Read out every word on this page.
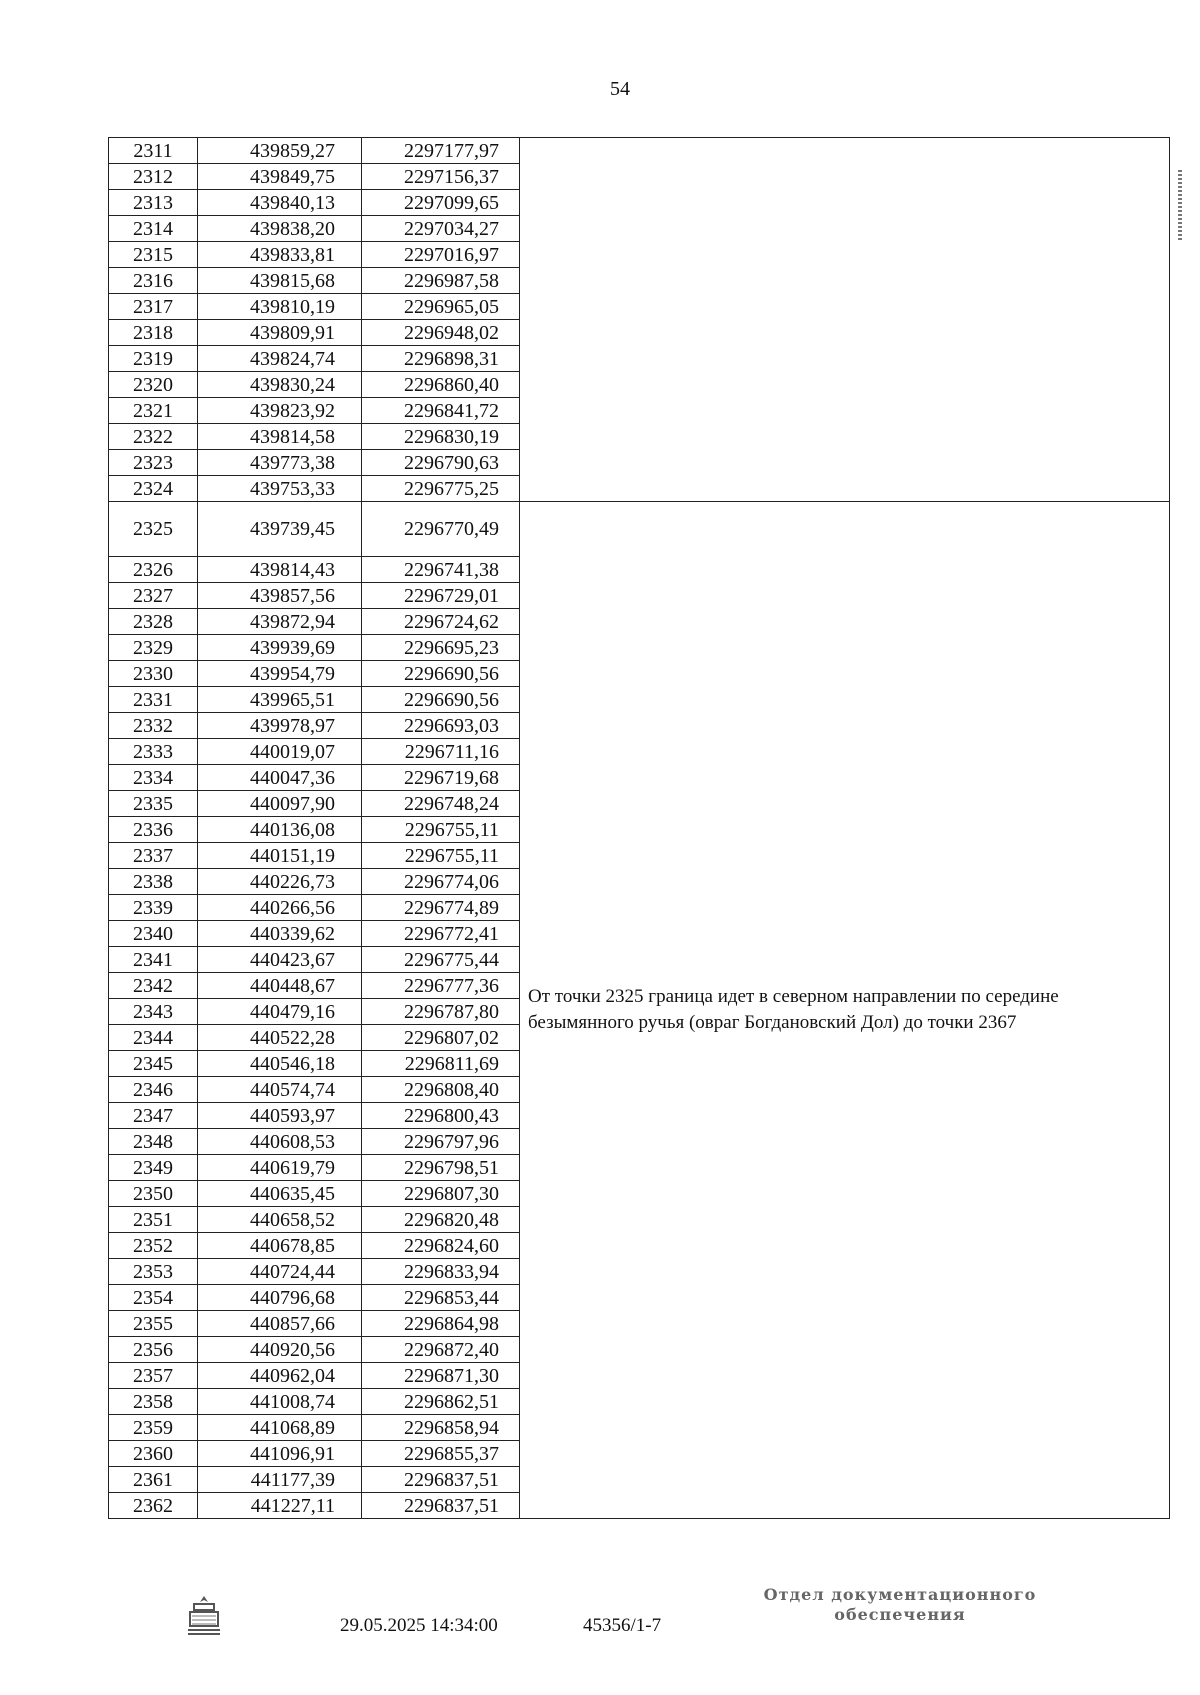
54
2311	439859,27	2297177,97	

2312	439849,75	2297156,37	
2313	439840,13	2297099,65	
2314	439838,20	2297034,27	
2315	439833,81	2297016,97	
2316	439815,68	2296987,58	
2317	439810,19	2296965,05	
2318	439809,91	2296948,02	
2319	439824,74	2296898,31	
2320	439830,24	2296860,40	
2321	439823,92	2296841,72	
2322	439814,58	2296830,19	
2323	439773,38	2296790,63	
2324	439753,33	2296775,25	
2325	439739,45	2296770,49	От точки 2325 граница идет в северном направлении по середине безымянного ручья (овраг Богдановский Дол) до точки 2367

2326	439814,43	2296741,38	
2327	439857,56	2296729,01	
2328	439872,94	2296724,62	
2329	439939,69	2296695,23	
2330	439954,79	2296690,56	
2331	439965,51	2296690,56	
2332	439978,97	2296693,03	
2333	440019,07	2296711,16	
2334	440047,36	2296719,68	
2335	440097,90	2296748,24	
2336	440136,08	2296755,11	
2337	440151,19	2296755,11	
2338	440226,73	2296774,06	
2339	440266,56	2296774,89	
2340	440339,62	2296772,41	
2341	440423,67	2296775,44	
2342	440448,67	2296777,36	
2343	440479,16	2296787,80	
2344	440522,28	2296807,02	
2345	440546,18	2296811,69	
2346	440574,74	2296808,40	
2347	440593,97	2296800,43	
2348	440608,53	2296797,96	
2349	440619,79	2296798,51	
2350	440635,45	2296807,30	
2351	440658,52	2296820,48	
2352	440678,85	2296824,60	
2353	440724,44	2296833,94	
2354	440796,68	2296853,44	
2355	440857,66	2296864,98	
2356	440920,56	2296872,40	
2357	440962,04	2296871,30	
2358	441008,74	2296862,51	
2359	441068,89	2296858,94	
2360	441096,91	2296855,37	
2361	441177,39	2296837,51	
2362	441227,11	2296837,51	
29.05.2025 14:34:00	45356/1-7
Отдел документационного
обеспечения
